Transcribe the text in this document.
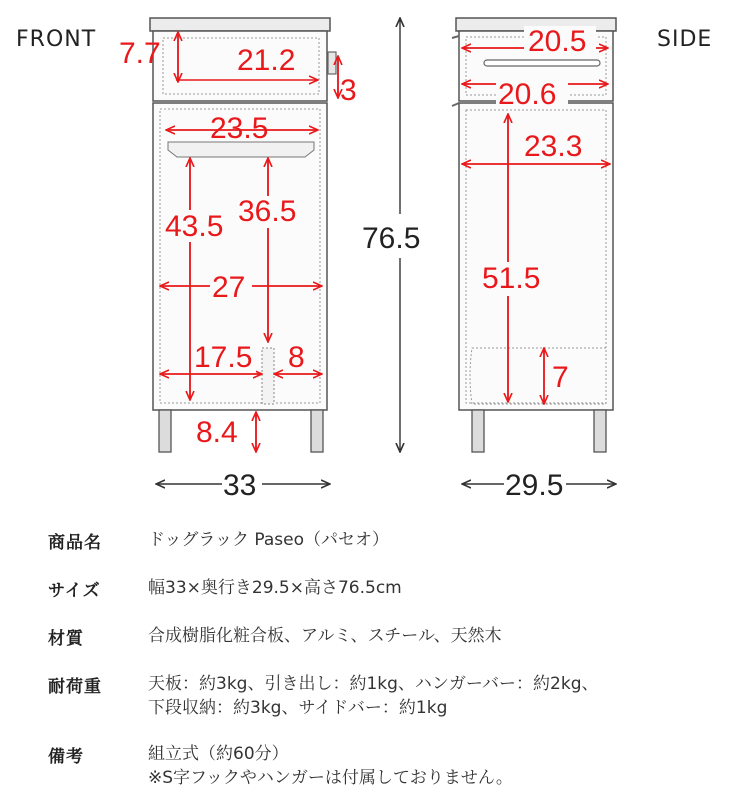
FRONT	SIDE
7.7	21.2
3
23.5
43.5 36.5
27
17.5 8
8.4
33
76.5
20.5
20.6
23.3
51.5
7
29.5
商品名	ドッグラック Paseo（パセオ）
サイズ	幅33×奥行き29.5×高さ76.5cm
材質	合成樹脂化粧合板、アルミ、スチール、天然木
耐荷重	天板：約3kg、引き出し：約1kg、ハンガーバー：約2kg、
下段収納：約3kg、サイドバー：約1kg
備考	組立式（約60分）
※S字フックやハンガーは付属しておりません。
